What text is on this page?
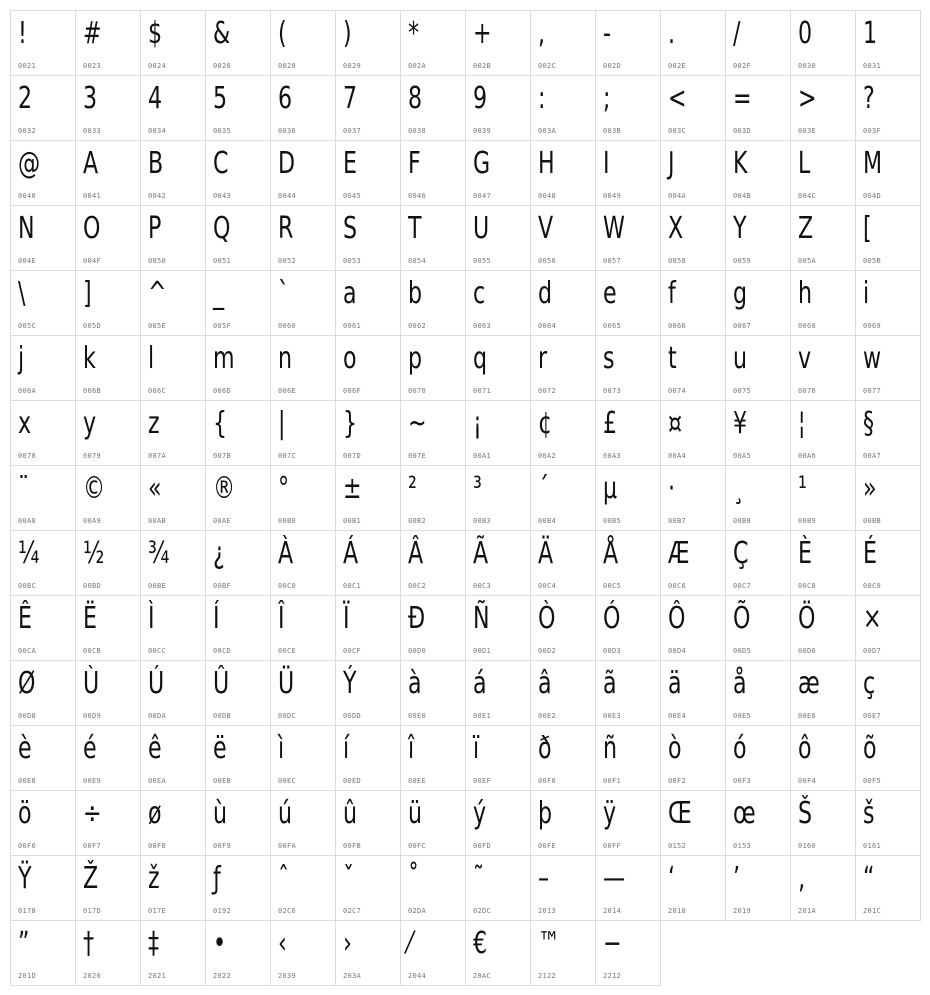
!
0021
#
0023
$
0024
&
0026
(
0028
)
0029
*
002A
+
002B
,
002C
-
002D
.
002E
/
002F
0
0030
1
0031
2
0032
3
0033
4
0034
5
0035
6
0036
7
0037
8
0038
9
0039
:
003A
;
003B
<
003C
=
003D
>
003E
?
003F
@
0040
A
0041
B
0042
C
0043
D
0044
E
0045
F
0046
G
0047
H
0048
I
0049
J
004A
K
004B
L
004C
M
004D
N
004E
O
004F
P
0050
Q
0051
R
0052
S
0053
T
0054
U
0055
V
0056
W
0057
X
0058
Y
0059
Z
005A
[
005B
\
005C
]
005D
^
005E
_
005F
`
0060
a
0061
b
0062
c
0063
d
0064
e
0065
f
0066
g
0067
h
0068
i
0069
j
006A
k
006B
l
006C
m
006D
n
006E
o
006F
p
0070
q
0071
r
0072
s
0073
t
0074
u
0075
v
0076
w
0077
x
0078
y
0079
z
007A
{
007B
|
007C
}
007D
~
007E
¡
00A1
¢
00A2
£
00A3
¤
00A4
¥
00A5
¦
00A6
§
00A7
¨
00A8
©
00A9
«
00AB
®
00AE
°
00B0
±
00B1
²
00B2
³
00B3
´
00B4
µ
00B5
·
00B7
¸
00B8
¹
00B9
»
00BB
¼
00BC
½
00BD
¾
00BE
¿
00BF
À
00C0
Á
00C1
Â
00C2
Ã
00C3
Ä
00C4
Å
00C5
Æ
00C6
Ç
00C7
È
00C8
É
00C9
Ê
00CA
Ë
00CB
Ì
00CC
Í
00CD
Î
00CE
Ï
00CF
Ð
00D0
Ñ
00D1
Ò
00D2
Ó
00D3
Ô
00D4
Õ
00D5
Ö
00D6
×
00D7
Ø
00D8
Ù
00D9
Ú
00DA
Û
00DB
Ü
00DC
Ý
00DD
à
00E0
á
00E1
â
00E2
ã
00E3
ä
00E4
å
00E5
æ
00E6
ç
00E7
è
00E8
é
00E9
ê
00EA
ë
00EB
ì
00EC
í
00ED
î
00EE
ï
00EF
ð
00F0
ñ
00F1
ò
00F2
ó
00F3
ô
00F4
õ
00F5
ö
00F6
÷
00F7
ø
00F8
ù
00F9
ú
00FA
û
00FB
ü
00FC
ý
00FD
þ
00FE
ÿ
00FF
Œ
0152
œ
0153
Š
0160
š
0161
Ÿ
0178
Ž
017D
ž
017E
ƒ
0192
ˆ
02C6
ˇ
02C7
˚
02DA
˜
02DC
–
2013
—
2014
‘
2018
’
2019
‚
201A
“
201C
”
201D
†
2020
‡
2021
•
2022
‹
2039
›
203A
⁄
2044
€
20AC
™
2122
−
2212
